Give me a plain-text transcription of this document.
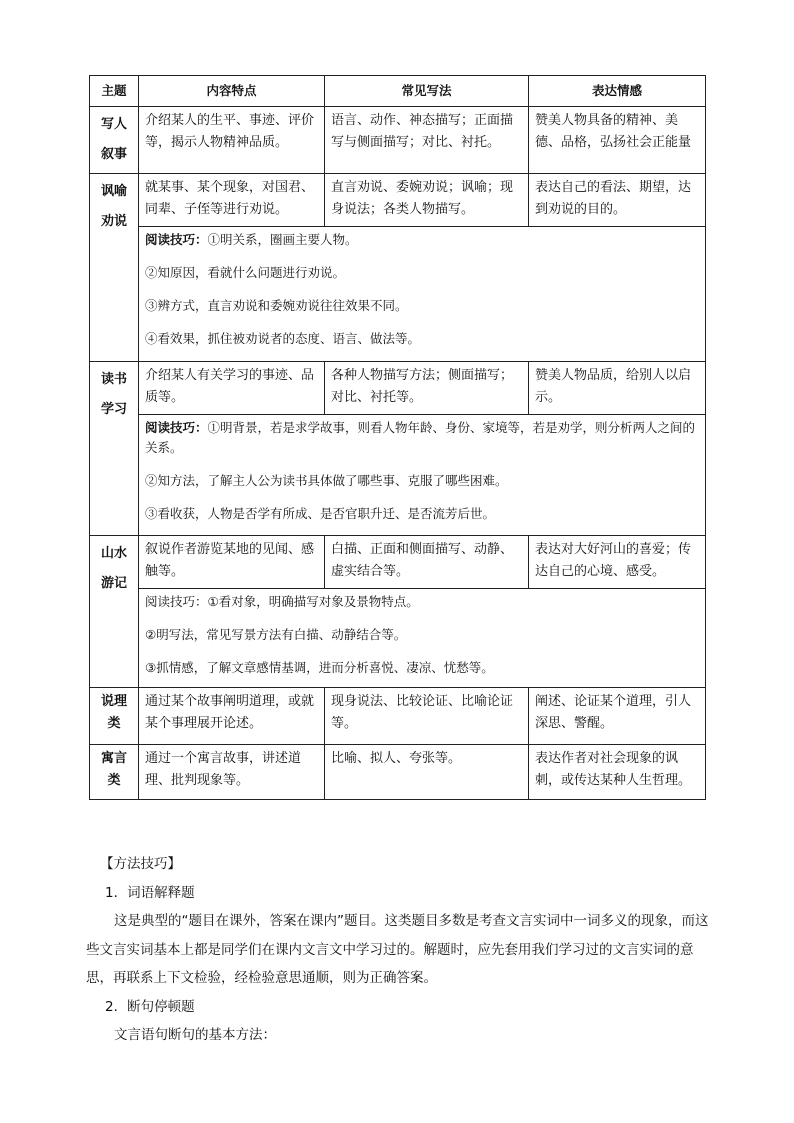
主题	内容特点	常见写法	表达情感

写人
叙事	介绍某人的生平、事迹、评价等，揭示人物精神品质。	语言、动作、神态描写；正面描写与侧面描写；对比、衬托。	赞美人物具备的精神、美德、品格，弘扬社会正能量

讽喻
劝说	就某事、某个现象，对国君、同辈、子侄等进行劝说。	直言劝说、委婉劝说；讽喻；现身说法；各类人物描写。	表达自己的看法、期望，达到劝说的目的。

	阅读技巧：①明关系，圈画主要人物。

②知原因，看就什么问题进行劝说。

③辨方式，直言劝说和委婉劝说往往效果不同。

④看效果，抓住被劝说者的态度、语言、做法等。		

读书
学习	介绍某人有关学习的事迹、品质等。	各种人物描写方法；侧面描写；对比、衬托等。	赞美人物品质，给别人以启示。

	阅读技巧：①明背景，若是求学故事，则看人物年龄、身份、家境等，若是劝学，则分析两人之间的关系。

②知方法，了解主人公为读书具体做了哪些事、克服了哪些困难。

③看收获，人物是否学有所成、是否官职升迁、是否流芳后世。		

山水
游记	叙说作者游览某地的见闻、感触等。	白描、正面和侧面描写、动静、虚实结合等。	表达对大好河山的喜爱；传达自己的心境、感受。

	阅读技巧：①看对象，明确描写对象及景物特点。

②明写法，常见写景方法有白描、动静结合等。

③抓情感，了解文章感情基调，进而分析喜悦、凄凉、忧愁等。		

说理
类	通过某个故事阐明道理，或就某个事理展开论述。	现身说法、比较论证、比喻论证等。	阐述、论证某个道理，引人深思、警醒。

寓言
类	通过一个寓言故事，讲述道理、批判现象等。	比喻、拟人、夸张等。	表达作者对社会现象的讽刺，或传达某种人生哲理。

【方法技巧】

1．词语解释题

这是典型的“题目在课外，答案在课内”题目。这类题目多数是考查文言实词中一词多义的现象，而这些文言实词基本上都是同学们在课内文言文中学习过的。解题时，应先套用我们学习过的文言实词的意思，再联系上下文检验，经检验意思通顺，则为正确答案。

2．断句停顿题

文言语句断句的基本方法：
